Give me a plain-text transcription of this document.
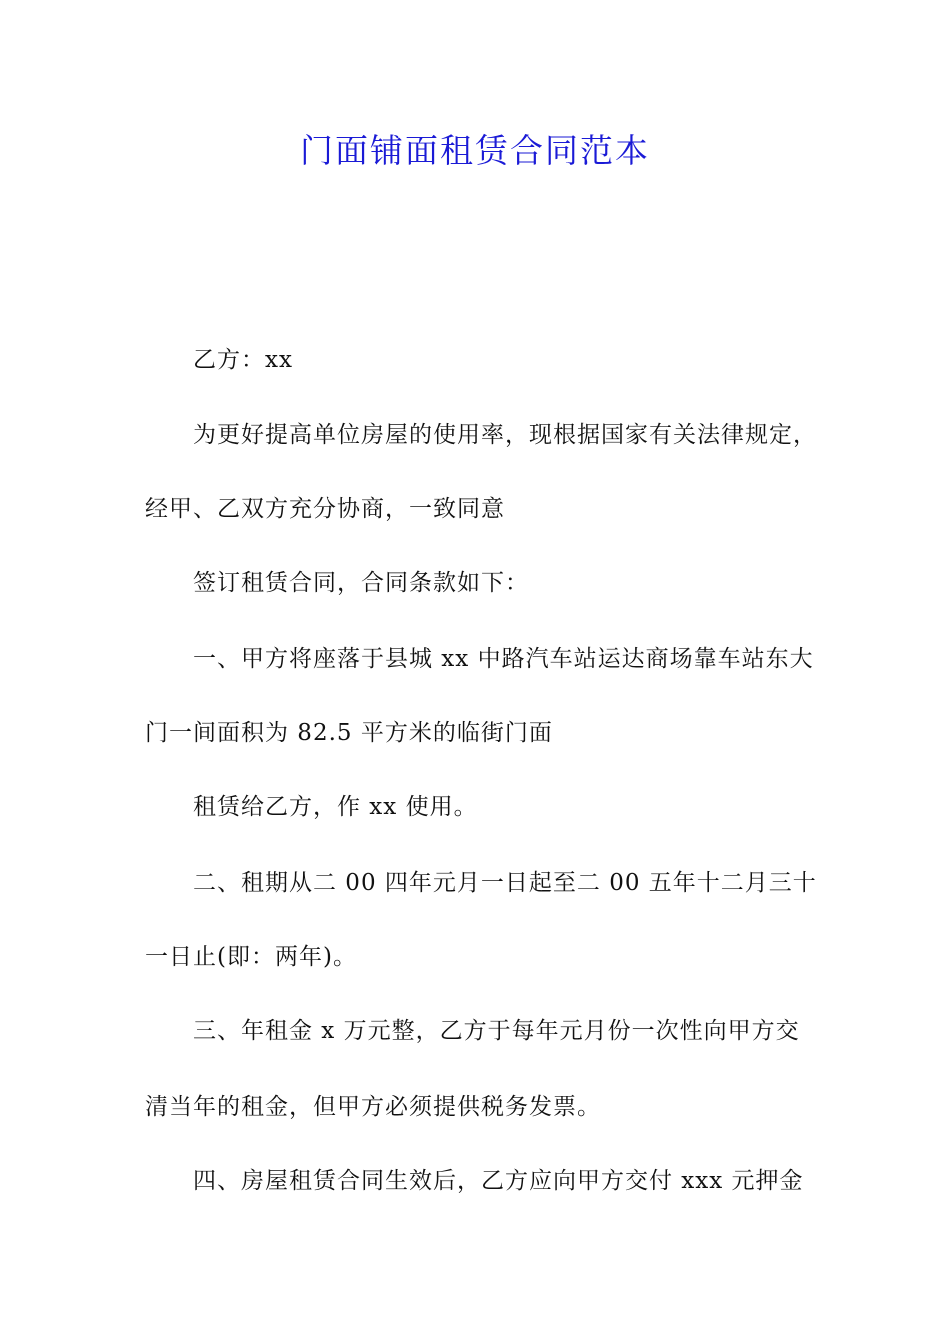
门面铺面租赁合同范本
乙方：xx
为更好提高单位房屋的使用率，现根据国家有关法律规定，
经甲、乙双方充分协商，一致同意
签订租赁合同，合同条款如下：
一、甲方将座落于县城 xx 中路汽车站运达商场靠车站东大
门一间面积为 82.5 平方米的临街门面
租赁给乙方，作 xx 使用。
二、租期从二 00 四年元月一日起至二 00 五年十二月三十
一日止(即：两年)。
三、年租金 x 万元整，乙方于每年元月份一次性向甲方交
清当年的租金，但甲方必须提供税务发票。
四、房屋租赁合同生效后，乙方应向甲方交付 xxx 元押金
